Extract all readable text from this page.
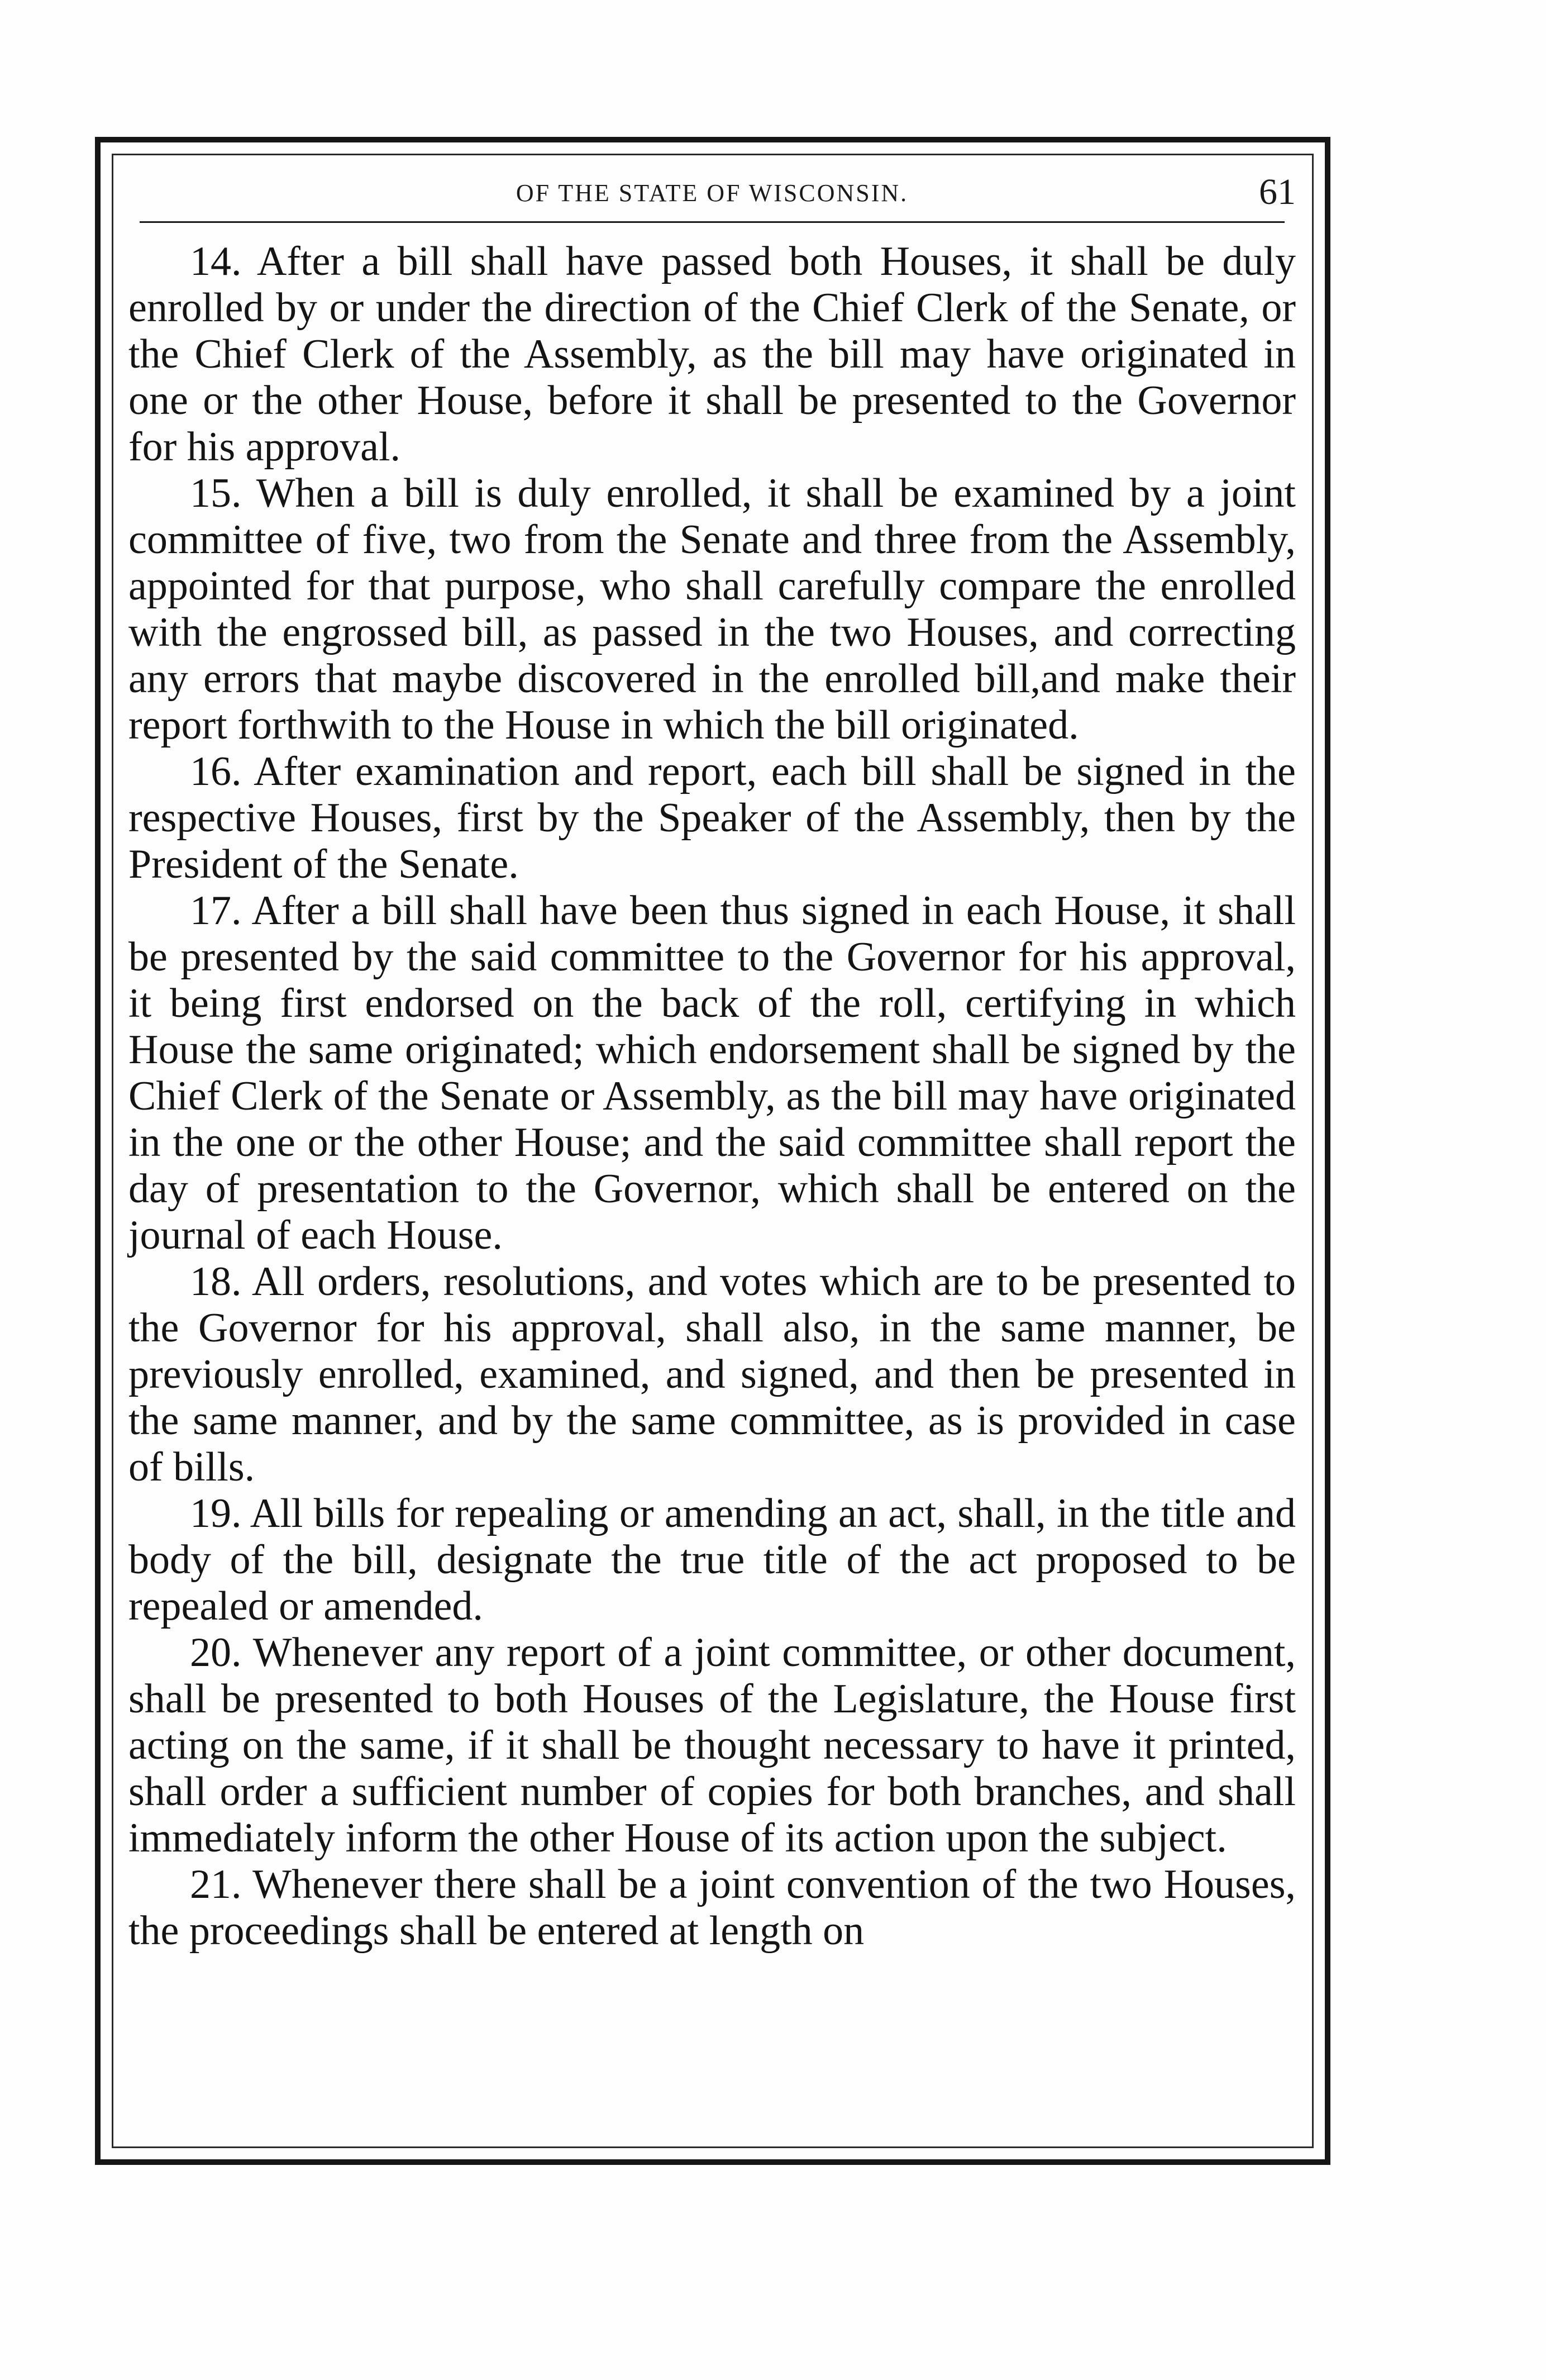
OF THE STATE OF WISCONSIN.	61

14. After a bill shall have passed both Houses, it shall be duly enrolled by or under the direction of the Chief Clerk of the Senate, or the Chief Clerk of the Assembly, as the bill may have originated in one or the other House, before it shall be presented to the Governor for his approval.

15. When a bill is duly enrolled, it shall be examined by a joint committee of five, two from the Senate and three from the Assembly, appointed for that purpose, who shall carefully compare the enrolled with the engrossed bill, as passed in the two Houses, and correcting any errors that maybe discovered in the enrolled bill,and make their report forthwith to the House in which the bill originated.

16. After examination and report, each bill shall be signed in the respective Houses, first by the Speaker of the Assembly, then by the President of the Senate.

17. After a bill shall have been thus signed in each House, it shall be presented by the said committee to the Governor for his approval, it being first endorsed on the back of the roll, certifying in which House the same originated; which endorsement shall be signed by the Chief Clerk of the Senate or Assembly, as the bill may have originated in the one or the other House; and the said committee shall report the day of presentation to the Governor, which shall be entered on the journal of each House.

18. All orders, resolutions, and votes which are to be presented to the Governor for his approval, shall also, in the same manner, be previously enrolled, examined, and signed, and then be presented in the same manner, and by the same committee, as is provided in case of bills.

19. All bills for repealing or amending an act, shall, in the title and body of the bill, designate the true title of the act proposed to be repealed or amended.

20. Whenever any report of a joint committee, or other document, shall be presented to both Houses of the Legislature, the House first acting on the same, if it shall be thought necessary to have it printed, shall order a sufficient number of copies for both branches, and shall immediately inform the other House of its action upon the subject.

21. Whenever there shall be a joint convention of the two Houses, the proceedings shall be entered at length on
